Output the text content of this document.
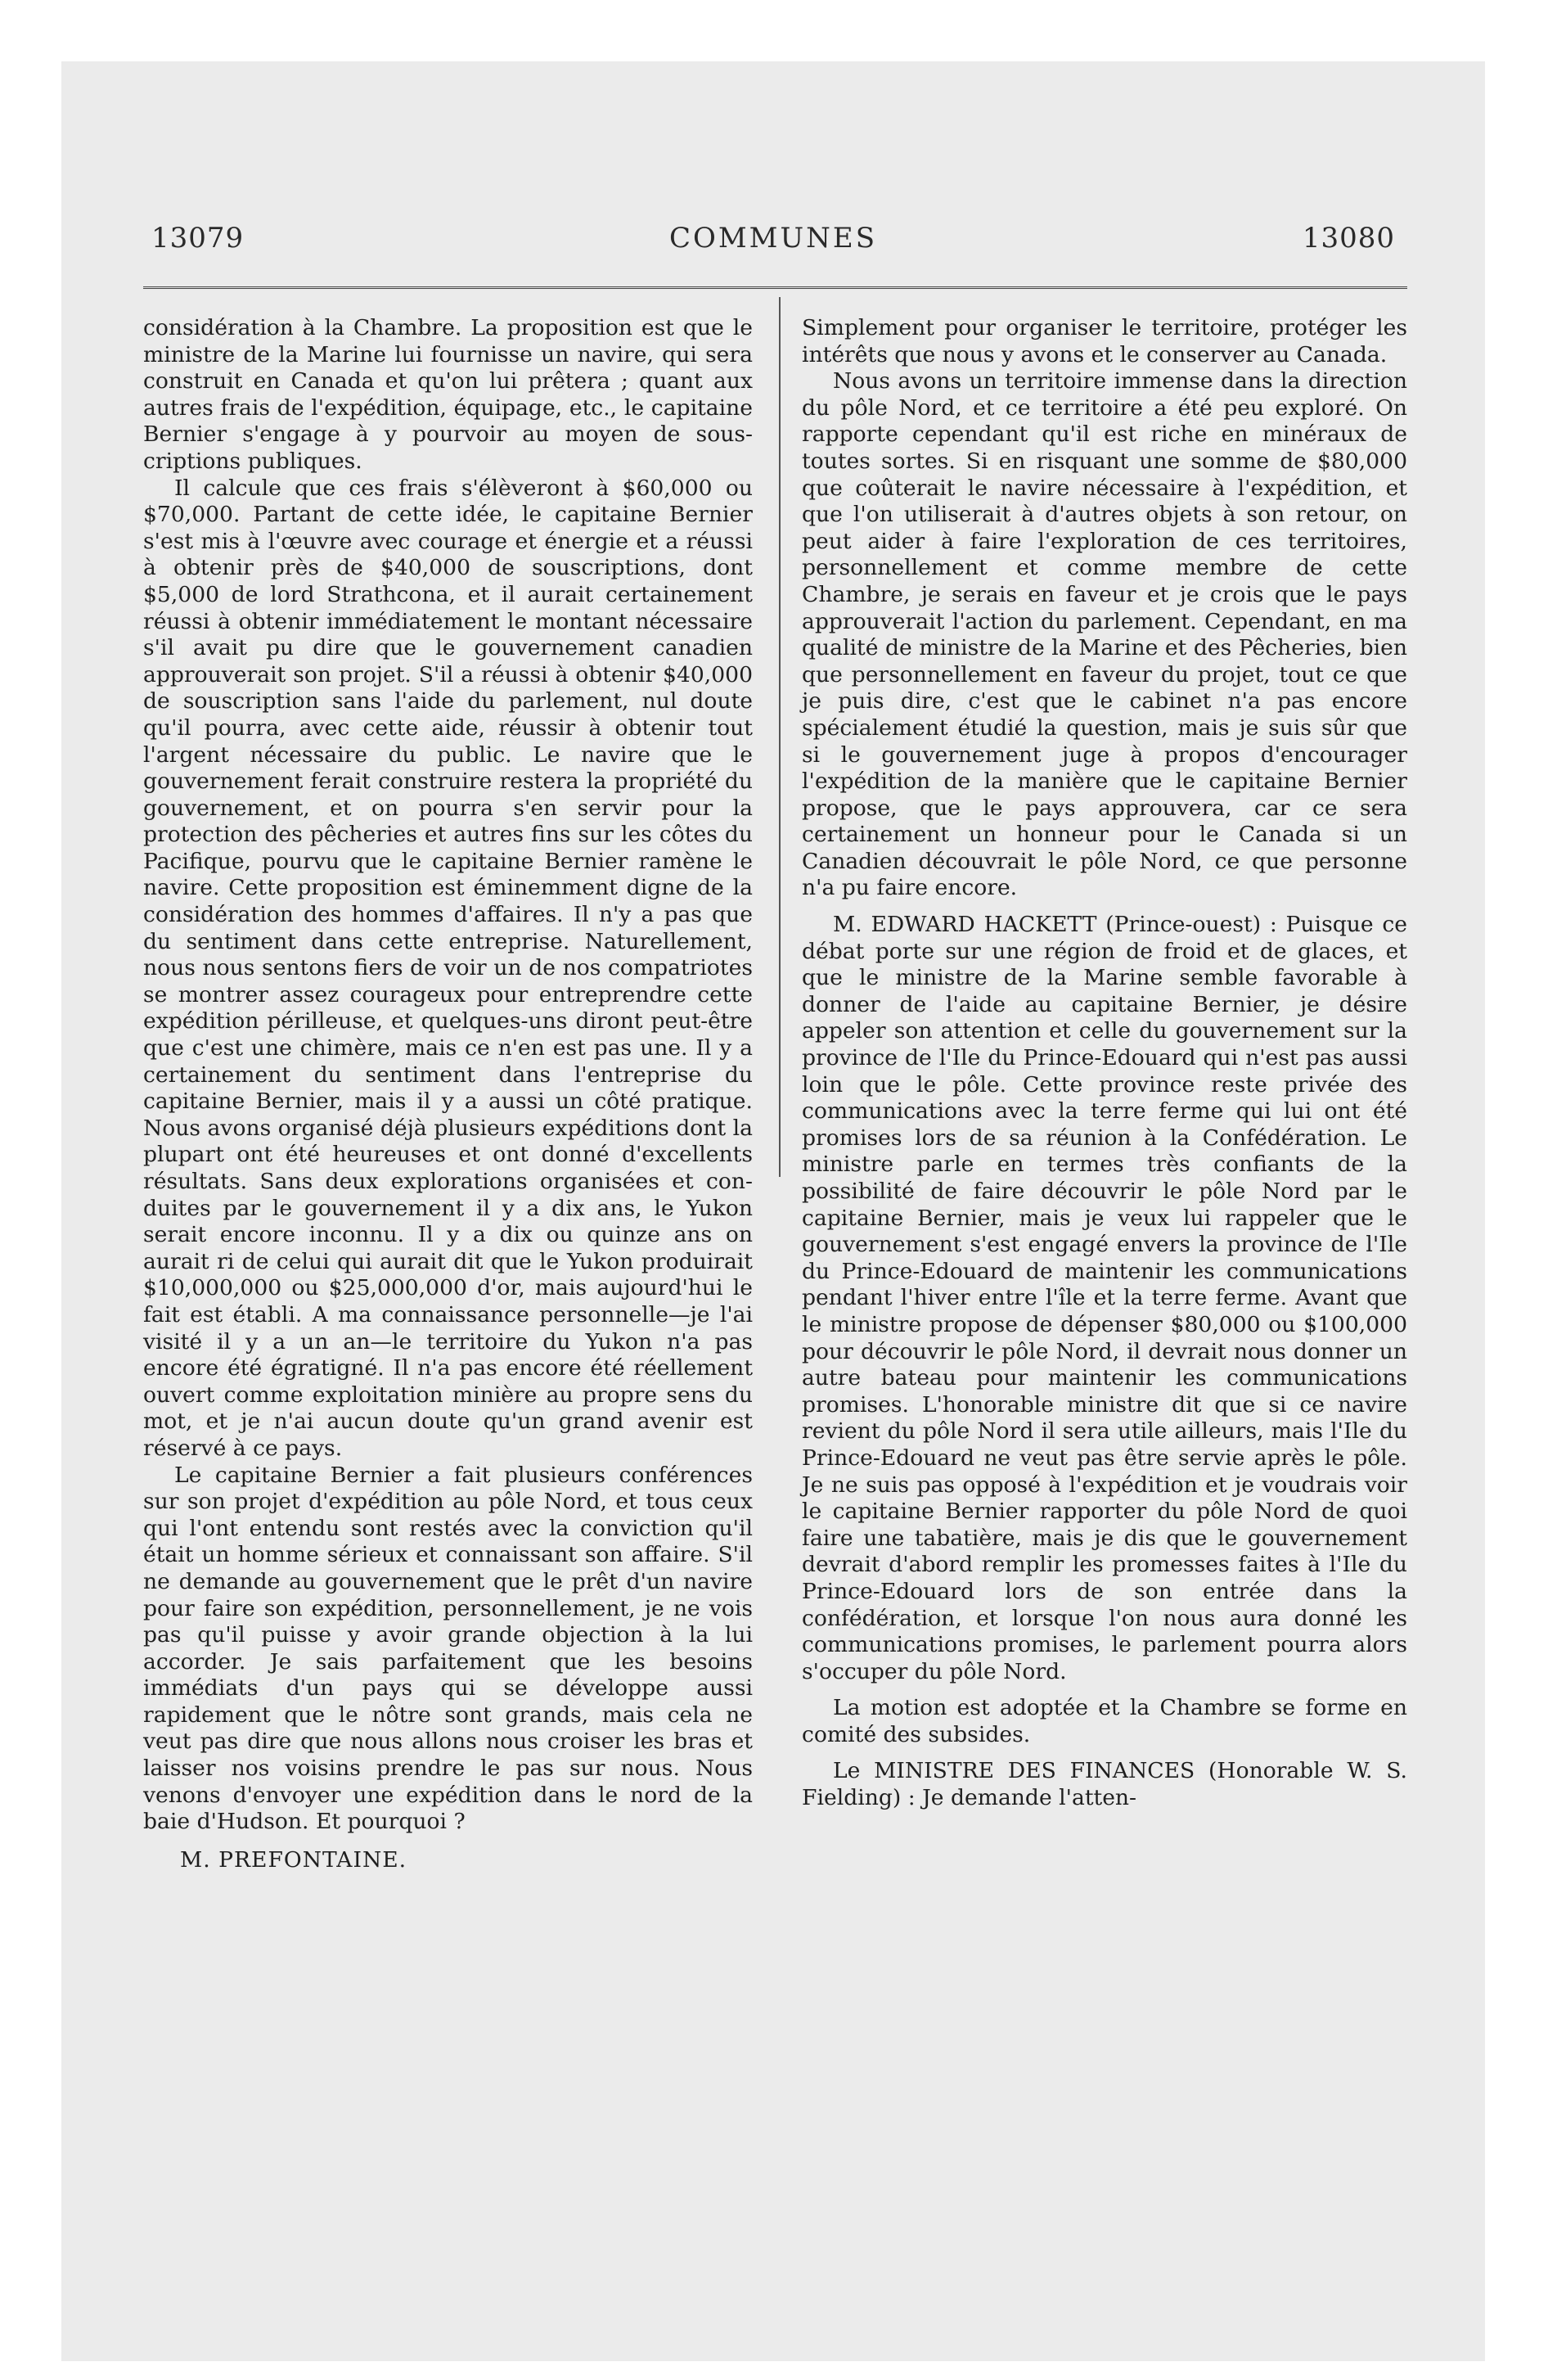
13079	COMMUNES	13080

considération à la Chambre. La proposition est que le ministre de la Marine lui fournisse un navire, qui sera construit en Canada et qu'on lui prêtera ; quant aux autres frais de l'expédition, équipage, etc., le capitaine Bernier s'engage à y pourvoir au moyen de souscriptions publiques.

Il calcule que ces frais s'élèveront à $60,000 ou $70,000. Partant de cette idée, le capitaine Bernier s'est mis à l'œuvre avec courage et énergie et a réussi à obtenir près de $40,000 de souscriptions, dont $5,000 de lord Strathcona, et il aurait certainement réussi à obtenir immédiatement le montant nécessaire s'il avait pu dire que le gouvernement canadien approuverait son projet. S'il a réussi à obtenir $40,000 de souscription sans l'aide du parlement, nul doute qu'il pourra, avec cette aide, réussir à obtenir tout l'argent nécessaire du public. Le navire que le gouvernement ferait construire restera la propriété du gouvernement, et on pourra s'en servir pour la protection des pêcheries et autres fins sur les côtes du Pacifique, pourvu que le capitaine Bernier ramène le navire. Cette proposition est éminemment digne de la considération des hommes d'affaires. Il n'y a pas que du sentiment dans cette entreprise. Naturellement, nous nous sentons fiers de voir un de nos compatriotes se montrer assez courageux pour entreprendre cette expédition périlleuse, et quelques-uns diront peut-être que c'est une chimère, mais ce n'en est pas une. Il y a certainement du sentiment dans l'entreprise du capitaine Bernier, mais il y a aussi un côté pratique. Nous avons organisé déjà plusieurs expéditions dont la plupart ont été heureuses et ont donné d'excellents résultats. Sans deux explorations organisées et conduites par le gouvernement il y a dix ans, le Yukon serait encore inconnu. Il y a dix ou quinze ans on aurait ri de celui qui aurait dit que le Yukon produirait $10,000,000 ou $25,000,000 d'or, mais aujourd'hui le fait est établi. A ma connaissance personnelle—je l'ai visité il y a un an—le territoire du Yukon n'a pas encore été égratigné. Il n'a pas encore été réellement ouvert comme exploitation minière au propre sens du mot, et je n'ai aucun doute qu'un grand avenir est réservé à ce pays.

Le capitaine Bernier a fait plusieurs conférences sur son projet d'expédition au pôle Nord, et tous ceux qui l'ont entendu sont restés avec la conviction qu'il était un homme sérieux et connaissant son affaire. S'il ne demande au gouvernement que le prêt d'un navire pour faire son expédition, personnellement, je ne vois pas qu'il puisse y avoir grande objection à la lui accorder. Je sais parfaitement que les besoins immédiats d'un pays qui se développe aussi rapidement que le nôtre sont grands, mais cela ne veut pas dire que nous allons nous croiser les bras et laisser nos voisins prendre le pas sur nous. Nous venons d'envoyer une expédition dans le nord de la baie d'Hudson. Et pourquoi ?

M. PREFONTAINE.

Simplement pour organiser le territoire, protéger les intérêts que nous y avons et le conserver au Canada.

Nous avons un territoire immense dans la direction du pôle Nord, et ce territoire a été peu exploré. On rapporte cependant qu'il est riche en minéraux de toutes sortes. Si en risquant une somme de $80,000 que coûterait le navire nécessaire à l'expédition, et que l'on utiliserait à d'autres objets à son retour, on peut aider à faire l'exploration de ces territoires, personnellement et comme membre de cette Chambre, je serais en faveur et je crois que le pays approuverait l'action du parlement. Cependant, en ma qualité de ministre de la Marine et des Pêcheries, bien que personnellement en faveur du projet, tout ce que je puis dire, c'est que le cabinet n'a pas encore spécialement étudié la question, mais je suis sûr que si le gouvernement juge à propos d'encourager l'expédition de la manière que le capitaine Bernier propose, que le pays approuvera, car ce sera certainement un honneur pour le Canada si un Canadien découvrait le pôle Nord, ce que personne n'a pu faire encore.

M. EDWARD HACKETT (Prince-ouest) : Puisque ce débat porte sur une région de froid et de glaces, et que le ministre de la Marine semble favorable à donner de l'aide au capitaine Bernier, je désire appeler son attention et celle du gouvernement sur la province de l'Ile du Prince-Edouard qui n'est pas aussi loin que le pôle. Cette province reste privée des communications avec la terre ferme qui lui ont été promises lors de sa réunion à la Confédération. Le ministre parle en termes très confiants de la possibilité de faire découvrir le pôle Nord par le capitaine Bernier, mais je veux lui rappeler que le gouvernement s'est engagé envers la province de l'Ile du Prince-Edouard de maintenir les communications pendant l'hiver entre l'île et la terre ferme. Avant que le ministre propose de dépenser $80,000 ou $100,000 pour découvrir le pôle Nord, il devrait nous donner un autre bateau pour maintenir les communications promises. L'honorable ministre dit que si ce navire revient du pôle Nord il sera utile ailleurs, mais l'Ile du Prince-Edouard ne veut pas être servie après le pôle. Je ne suis pas opposé à l'expédition et je voudrais voir le capitaine Bernier rapporter du pôle Nord de quoi faire une tabatière, mais je dis que le gouvernement devrait d'abord remplir les promesses faites à l'Ile du Prince-Edouard lors de son entrée dans la confédération, et lorsque l'on nous aura donné les communications promises, le parlement pourra alors s'occuper du pôle Nord.

La motion est adoptée et la Chambre se forme en comité des subsides.

Le MINISTRE DES FINANCES (Honorable W. S. Fielding) : Je demande l'atten-
